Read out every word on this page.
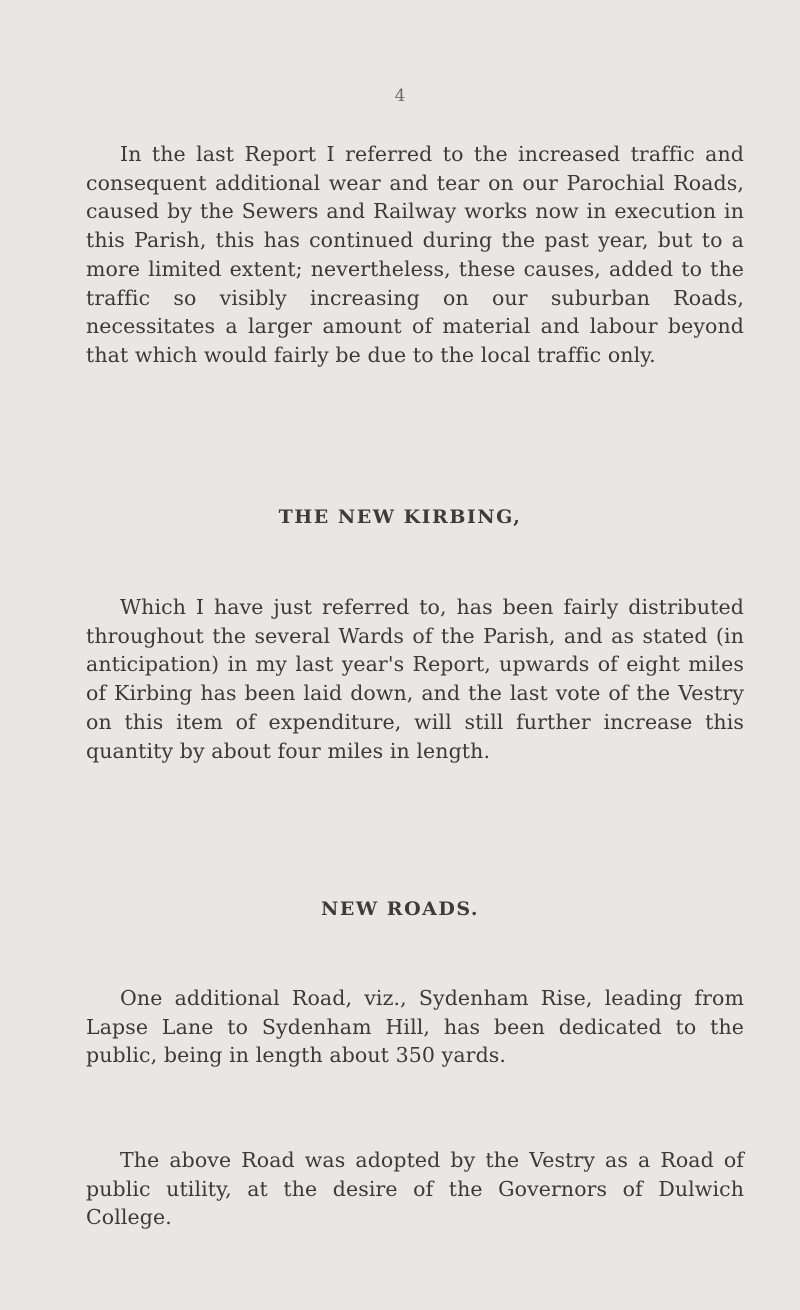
4

In the last Report I referred to the increased traffic and consequent additional wear and tear on our Parochial Roads, caused by the Sewers and Railway works now in execution in this Parish, this has continued during the past year, but to a more limited extent; nevertheless, these causes, added to the traffic so visibly increasing on our suburban Roads, necessitates a larger amount of material and labour beyond that which would fairly be due to the local traffic only.

THE NEW KIRBING,

Which I have just referred to, has been fairly distributed throughout the several Wards of the Parish, and as stated (in anticipation) in my last year's Report, upwards of eight miles of Kirbing has been laid down, and the last vote of the Vestry on this item of expenditure, will still further increase this quantity by about four miles in length.

NEW ROADS.

One additional Road, viz., Sydenham Rise, leading from Lapse Lane to Sydenham Hill, has been dedicated to the public, being in length about 350 yards.

The above Road was adopted by the Vestry as a Road of public utility, at the desire of the Governors of Dulwich College.
